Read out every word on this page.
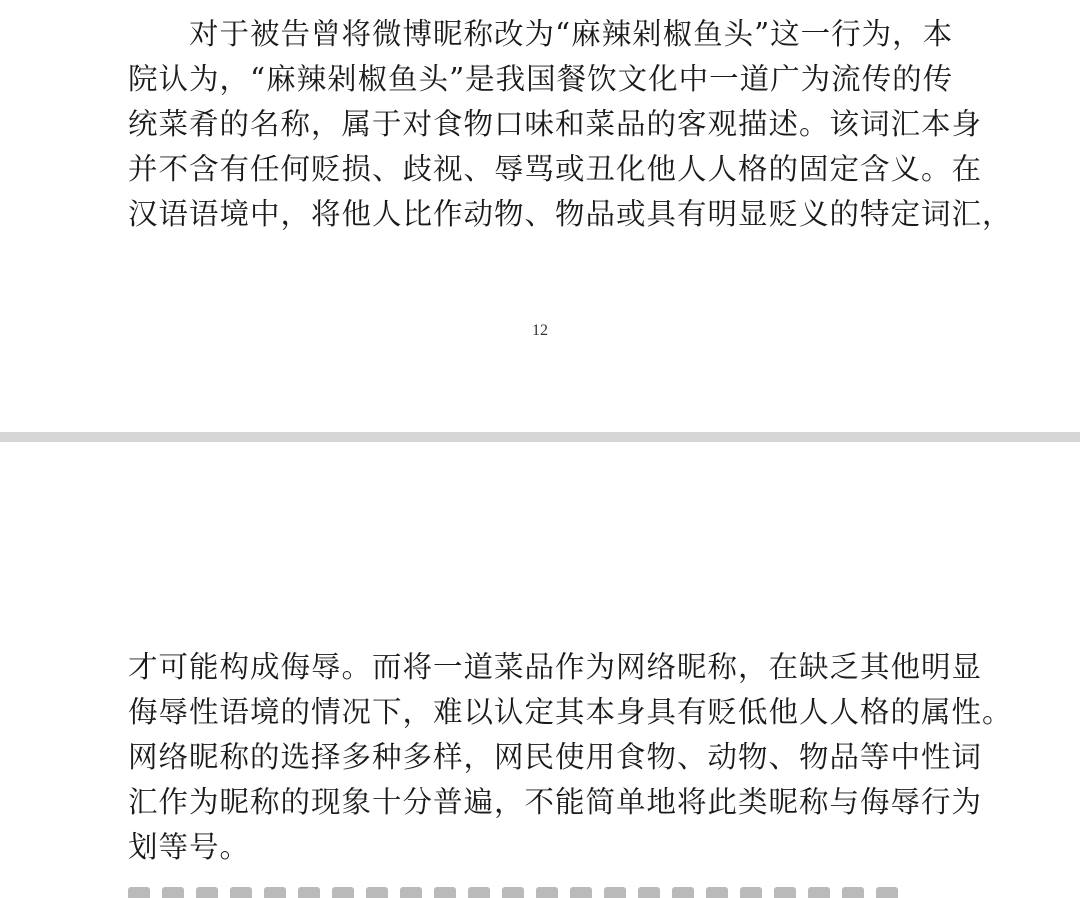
　　对于被告曾将微博昵称改为“麻辣剁椒鱼头”这一行为，本
院认为，“麻辣剁椒鱼头”是我国餐饮文化中一道广为流传的传
统菜肴的名称，属于对食物口味和菜品的客观描述。该词汇本身
并不含有任何贬损、歧视、辱骂或丑化他人人格的固定含义。在
汉语语境中，将他人比作动物、物品或具有明显贬义的特定词汇，
12
才可能构成侮辱。而将一道菜品作为网络昵称，在缺乏其他明显
侮辱性语境的情况下，难以认定其本身具有贬低他人人格的属性。
网络昵称的选择多种多样，网民使用食物、动物、物品等中性词
汇作为昵称的现象十分普遍，不能简单地将此类昵称与侮辱行为
划等号。
